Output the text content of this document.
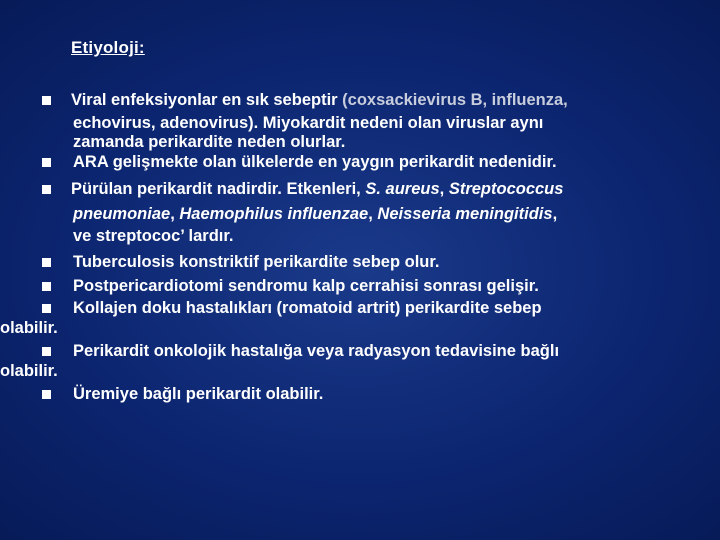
Etiyoloji:
Viral enfeksiyonlar en sık sebeptir (coxsackievirus B, influenza,
echovirus, adenovirus). Miyokardit nedeni olan viruslar aynı
zamanda perikardite neden olurlar.
ARA gelişmekte olan ülkelerde en yaygın perikardit nedenidir.
Pürülan perikardit nadirdir. Etkenleri, S. aureus, Streptococcus
pneumoniae, Haemophilus influenzae, Neisseria meningitidis,
ve streptococ’ lardır.
Tuberculosis konstriktif perikardite sebep olur.
Postpericardiotomi sendromu kalp cerrahisi sonrası gelişir.
Kollajen doku hastalıkları (romatoid artrit) perikardite sebep
olabilir.
Perikardit onkolojik hastalığa veya radyasyon tedavisine bağlı
olabilir.
Üremiye bağlı perikardit olabilir.
